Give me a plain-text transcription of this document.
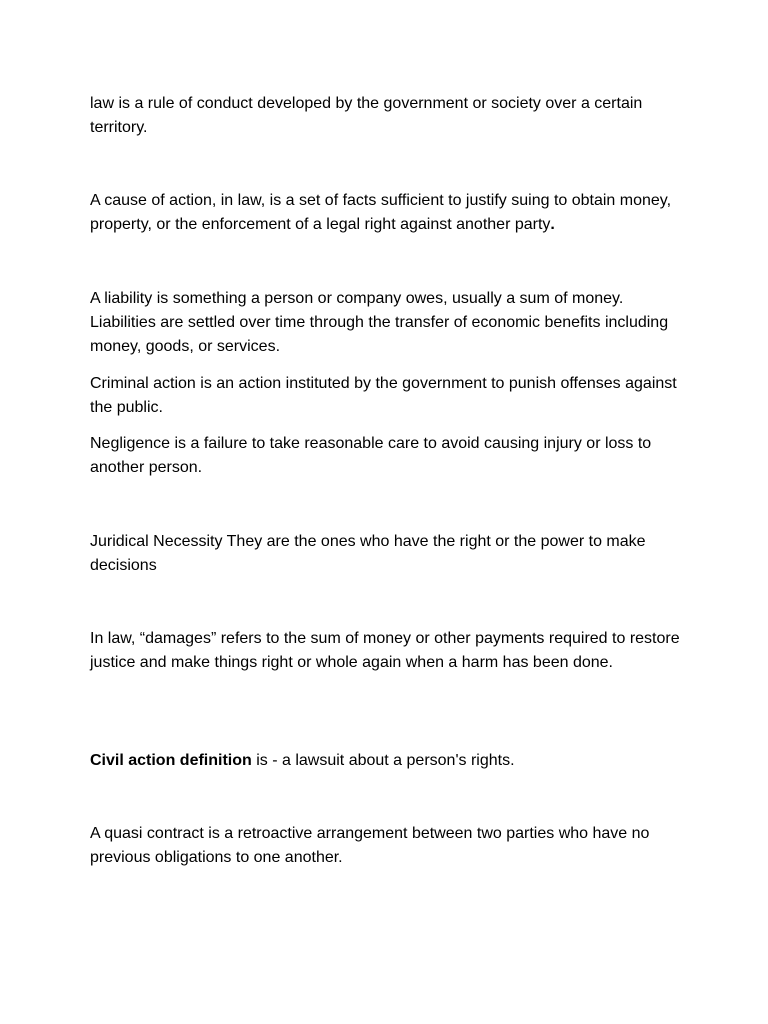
law is a rule of conduct developed by the government or society over a certain territory.

A cause of action, in law, is a set of facts sufficient to justify suing to obtain money, property, or the enforcement of a legal right against another party.

A liability is something a person or company owes, usually a sum of money. Liabilities are settled over time through the transfer of economic benefits including money, goods, or services.

Criminal action is an action instituted by the government to punish offenses against the public.

Negligence is a failure to take reasonable care to avoid causing injury or loss to another person.

Juridical Necessity They are the ones who have the right or the power to make decisions

In law, “damages” refers to the sum of money or other payments required to restore justice and make things right or whole again when a harm has been done.

Civil action definition is - a lawsuit about a person's rights.

A quasi contract is a retroactive arrangement between two parties who have no previous obligations to one another.
